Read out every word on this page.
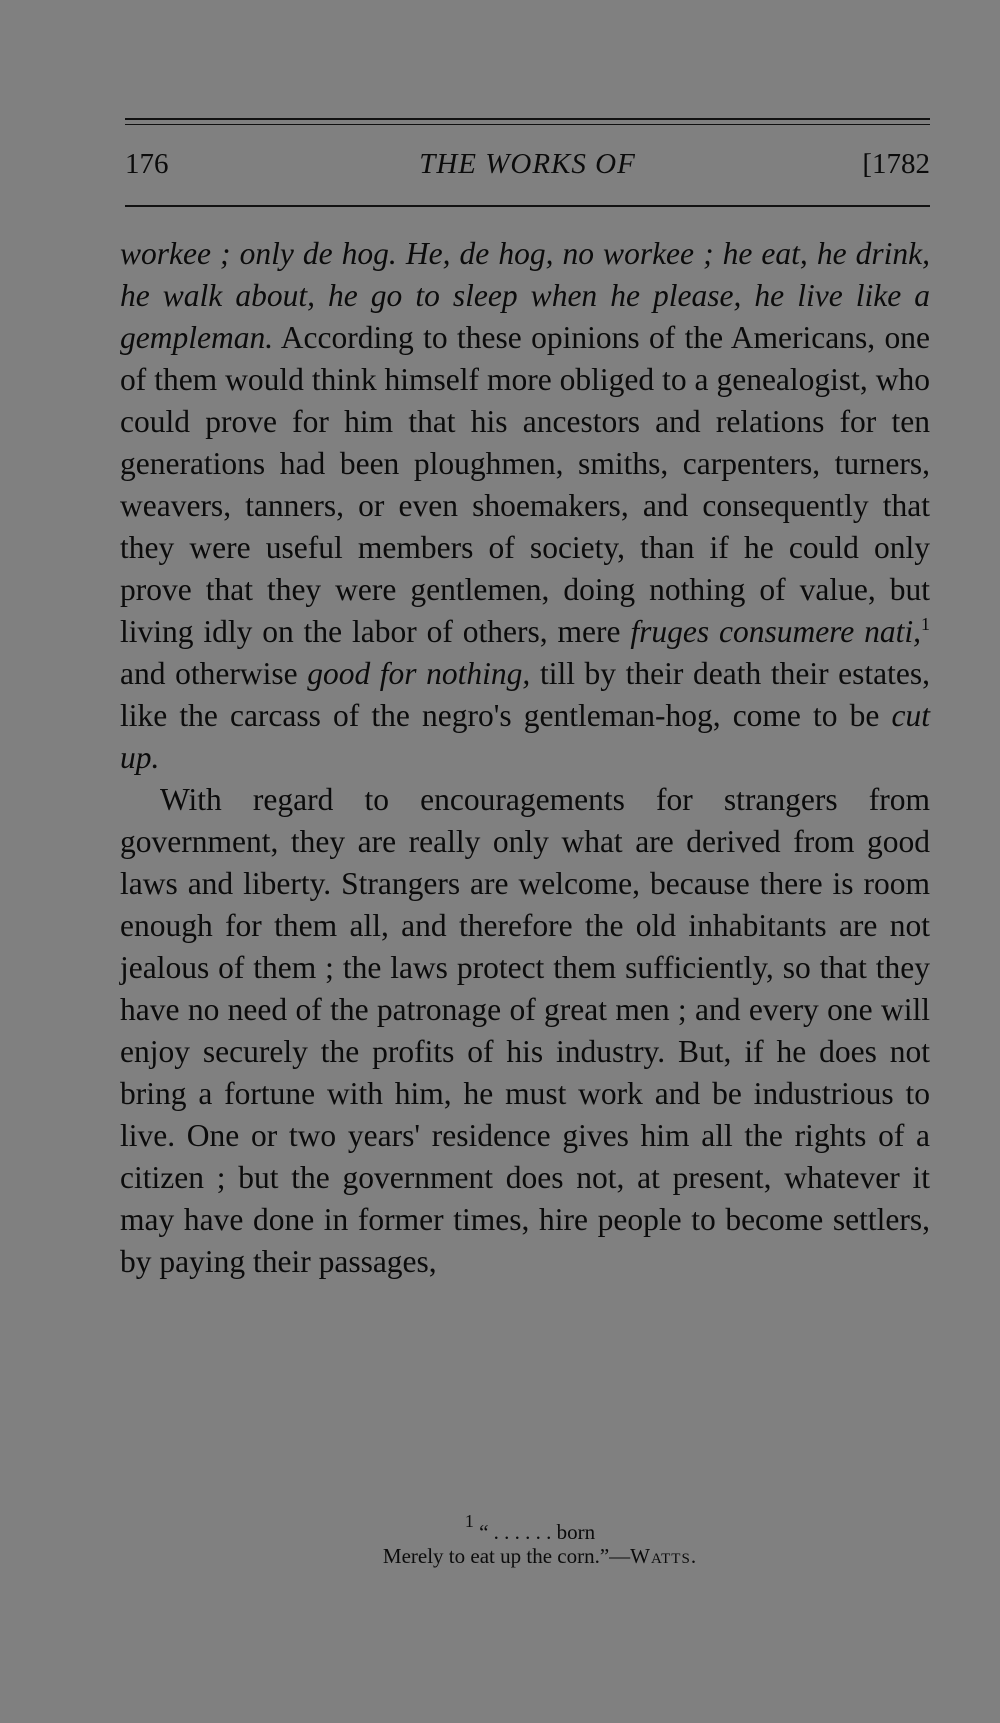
176	THE WORKS OF	[1782

workee ; only de hog. He, de hog, no workee ; he eat, he drink, he walk about, he go to sleep when he please, he live like a gempleman. According to these opinions of the Americans, one of them would think himself more obliged to a genealogist, who could prove for him that his ancestors and relations for ten generations had been ploughmen, smiths, carpenters, turners, weavers, tanners, or even shoemakers, and consequently that they were useful members of society, than if he could only prove that they were gentlemen, doing nothing of value, but living idly on the labor of others, mere fruges consumere nati,$^1$ and otherwise good for nothing, till by their death their estates, like the carcass of the negro's gentleman-hog, come to be cut up.

With regard to encouragements for strangers from government, they are really only what are derived from good laws and liberty. Strangers are welcome, because there is room enough for them all, and therefore the old inhabitants are not jealous of them ; the laws protect them sufficiently, so that they have no need of the patronage of great men ; and every one will enjoy securely the profits of his industry. But, if he does not bring a fortune with him, he must work and be industrious to live. One or two years' residence gives him all the rights of a citizen ; but the government does not, at present, whatever it may have done in former times, hire people to become settlers, by paying their passages,

$^1$ “ . . . . . . born
Merely to eat up the corn.”—Watts.
